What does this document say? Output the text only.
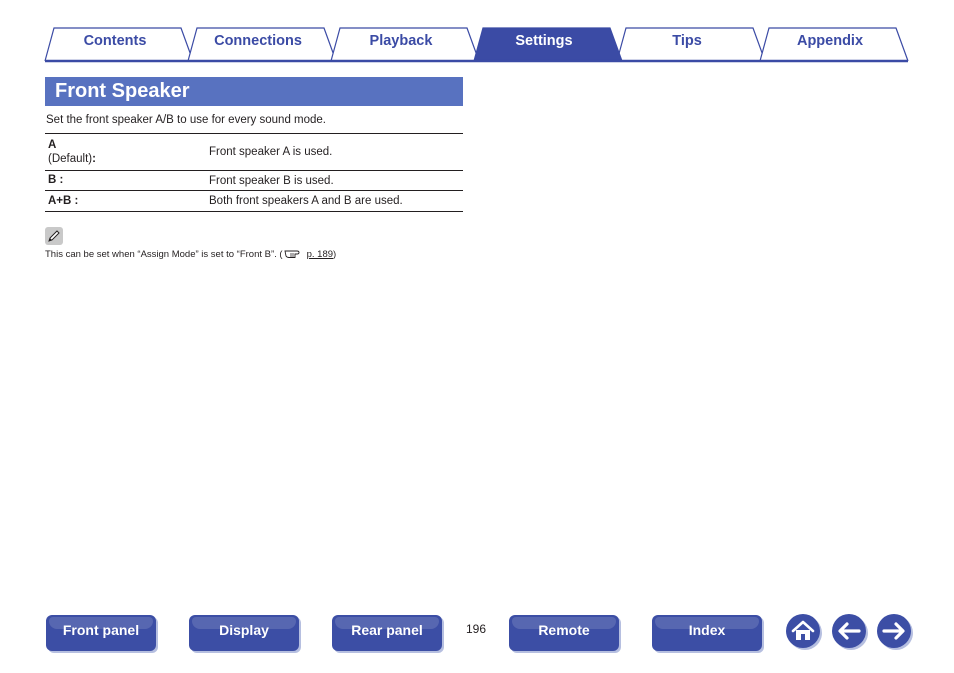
Contents	Connections	Playback	Settings	Tips	Appendix
Front Speaker
Set the front speaker A/B to use for every sound mode.
A
(Default):	Front speaker A is used.

B :	Front speaker B is used.

A+B :	Both front speakers A and B are used.
This can be set when “Assign Mode” is set to “Front B”. (	p. 189)
Front panel	Display	Rear panel	196	Remote	Index
